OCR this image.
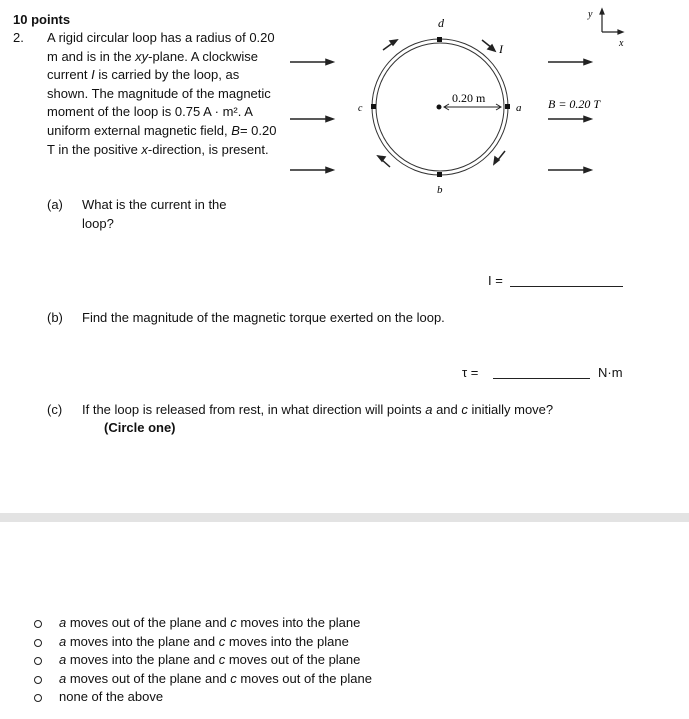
10 points
2. A rigid circular loop has a radius of 0.20 m and is in the xy-plane. A clockwise current I is carried by the loop, as shown. The magnitude of the magnetic moment of the loop is 0.75 A · m². A uniform external magnetic field, B= 0.20 T in the positive x-direction, is present.
d
I
0.20 m
c	a
b
B = 0.20 T
y
x
(a) What is the current in the loop?
I =
(b) Find the magnitude of the magnetic torque exerted on the loop.
τ =	N·m
(c) If the loop is released from rest, in what direction will points a and c initially move?
(Circle one)
a moves out of the plane and c moves into the plane
a moves into the plane and c moves into the plane
a moves into the plane and c moves out of the plane
a moves out of the plane and c moves out of the plane
none of the above
